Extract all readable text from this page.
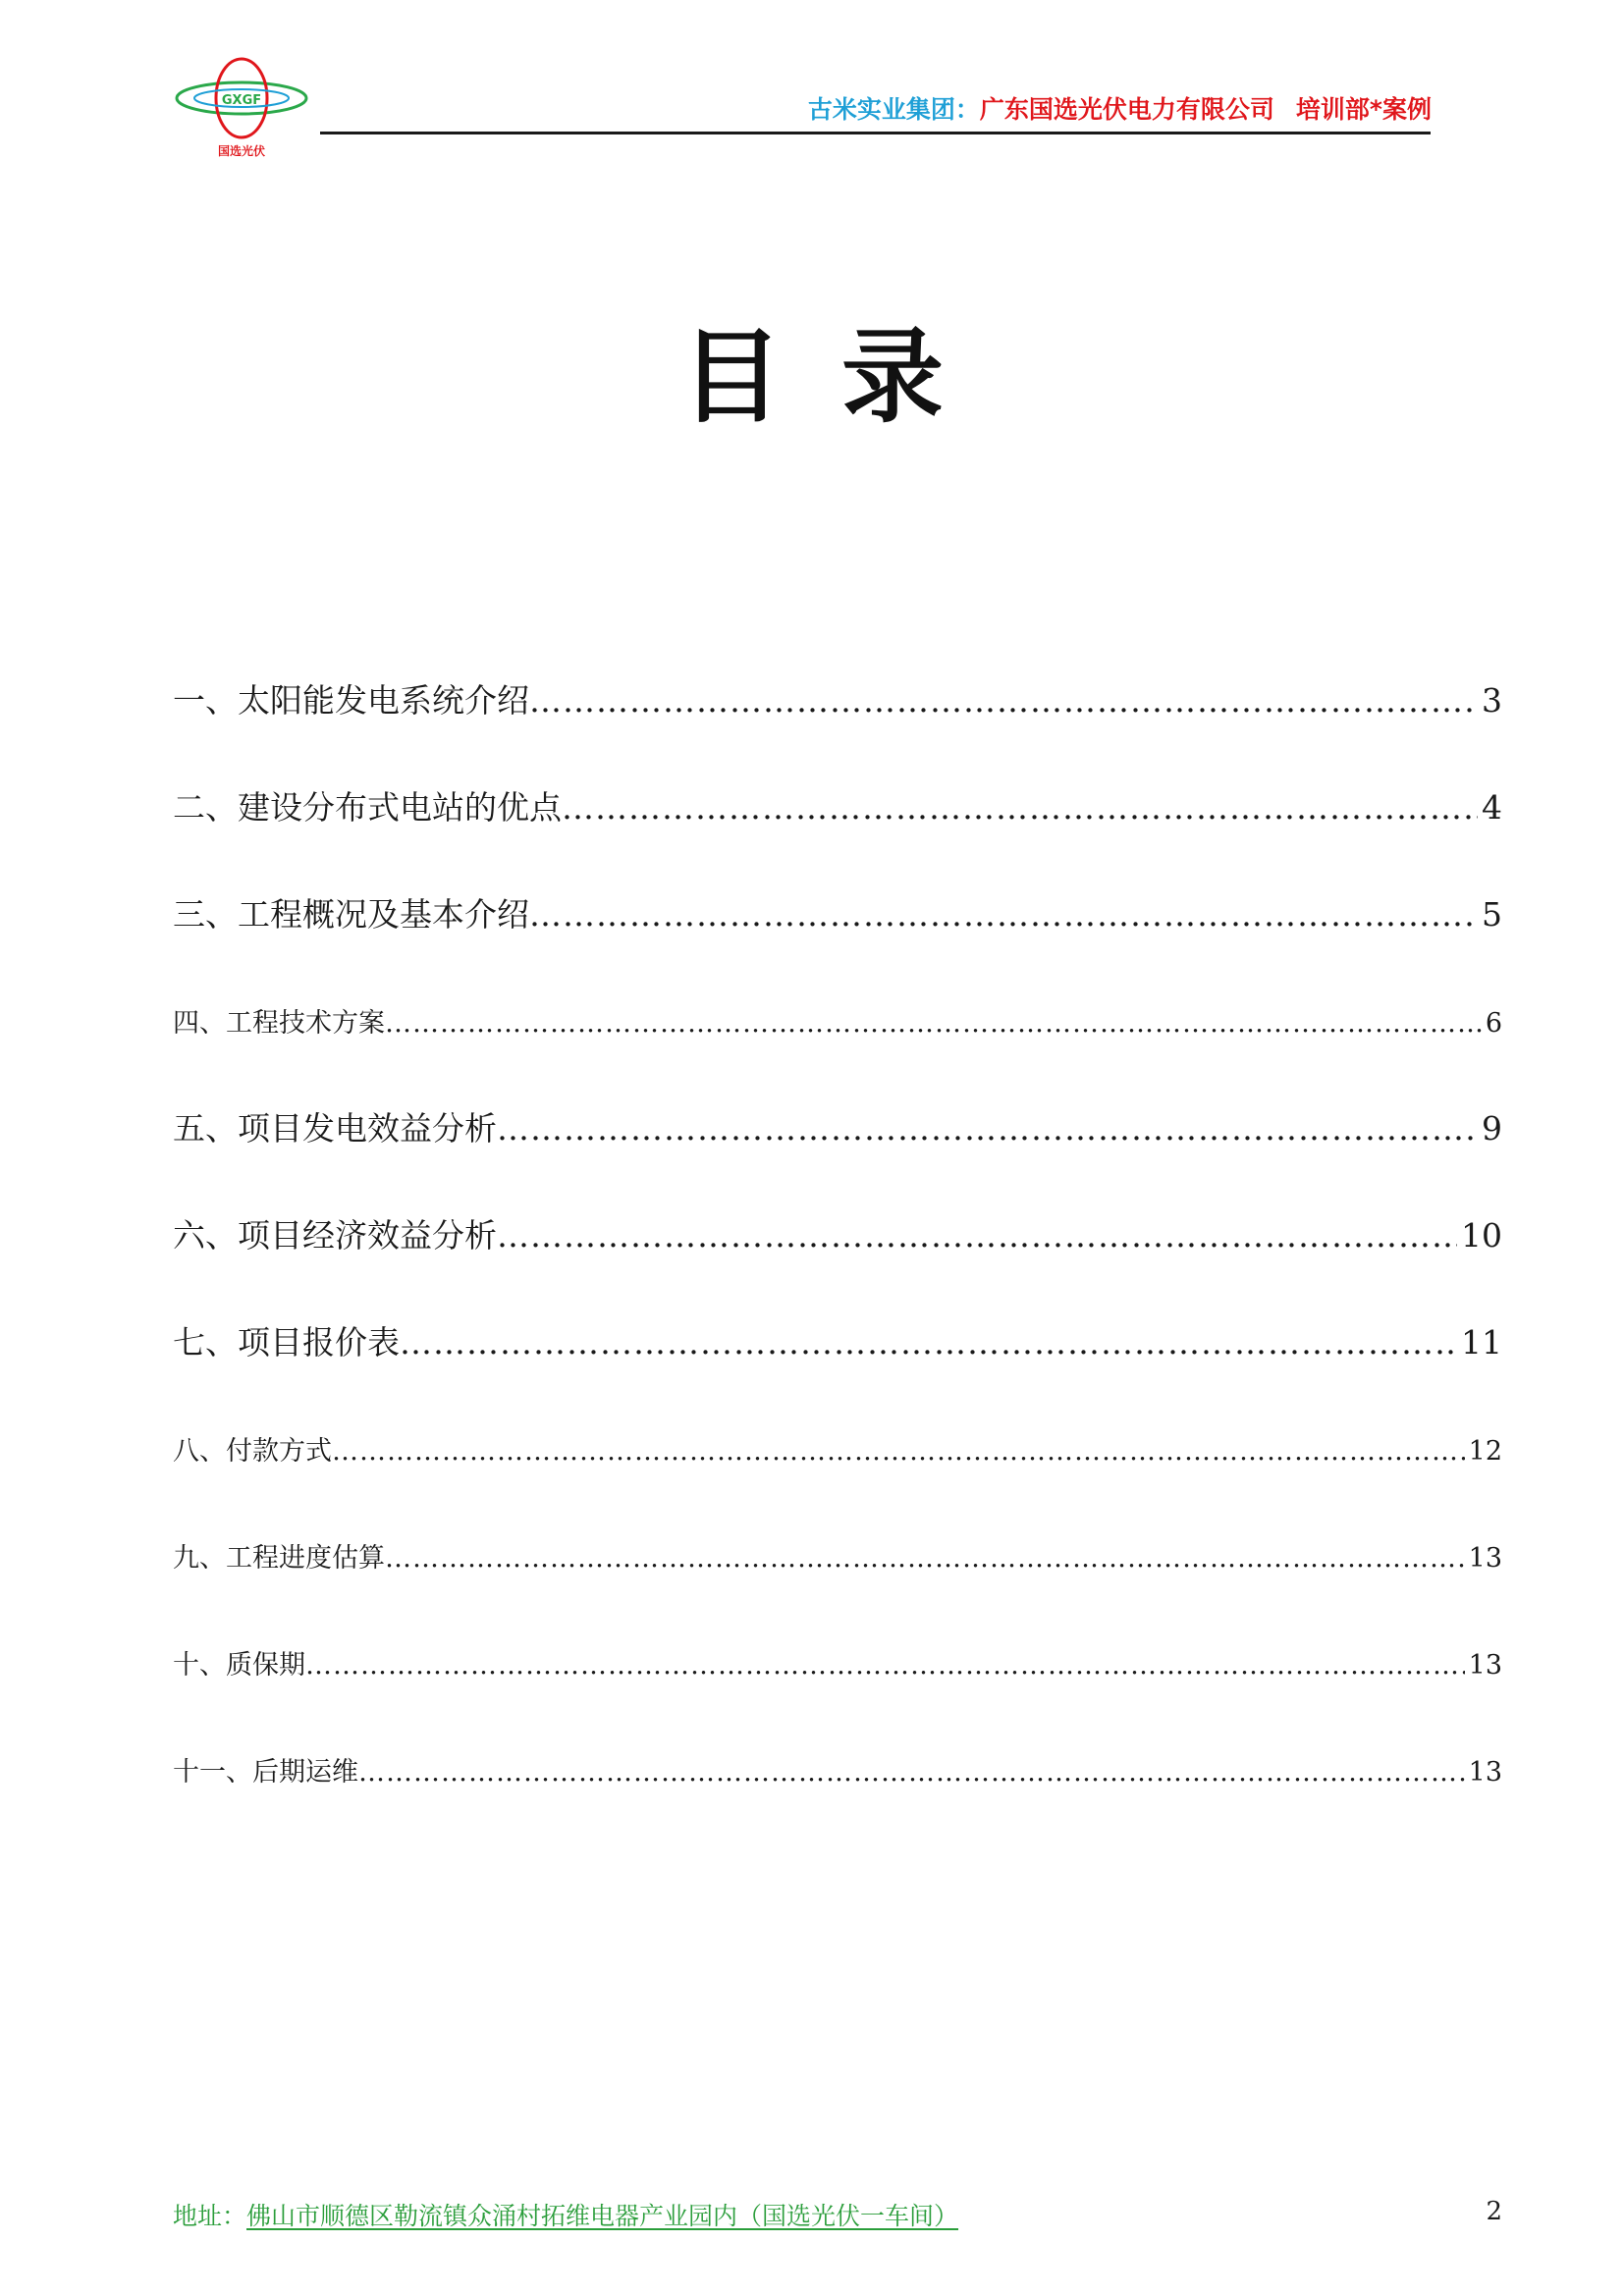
GXGF
国选光伏
古米实业集团：广东国选光伏电力有限公司 培训部*案例
目录
一、太阳能发电系统介绍 ……………………………………………………………………………………………………………………………………………………………………………………………………………………	3
二、建设分布式电站的优点 ……………………………………………………………………………………………………………………………………………………………………………………………………………………	4
三、工程概况及基本介绍 ……………………………………………………………………………………………………………………………………………………………………………………………………………………	5
四、工程技术方案 ……………………………………………………………………………………………………………………………………………………………………………………………………………………	6
五、项目发电效益分析 ……………………………………………………………………………………………………………………………………………………………………………………………………………………	9
六、项目经济效益分析 ……………………………………………………………………………………………………………………………………………………………………………………………………………………	10
七、项目报价表 ……………………………………………………………………………………………………………………………………………………………………………………………………………………	11
八、付款方式 ……………………………………………………………………………………………………………………………………………………………………………………………………………………	12
九、工程进度估算 ……………………………………………………………………………………………………………………………………………………………………………………………………………………	13
十、质保期 ……………………………………………………………………………………………………………………………………………………………………………………………………………………	13
十一、后期运维 ……………………………………………………………………………………………………………………………………………………………………………………………………………………	13
地址：佛山市顺德区勒流镇众涌村拓维电器产业园内（国选光伏一车间）	2
